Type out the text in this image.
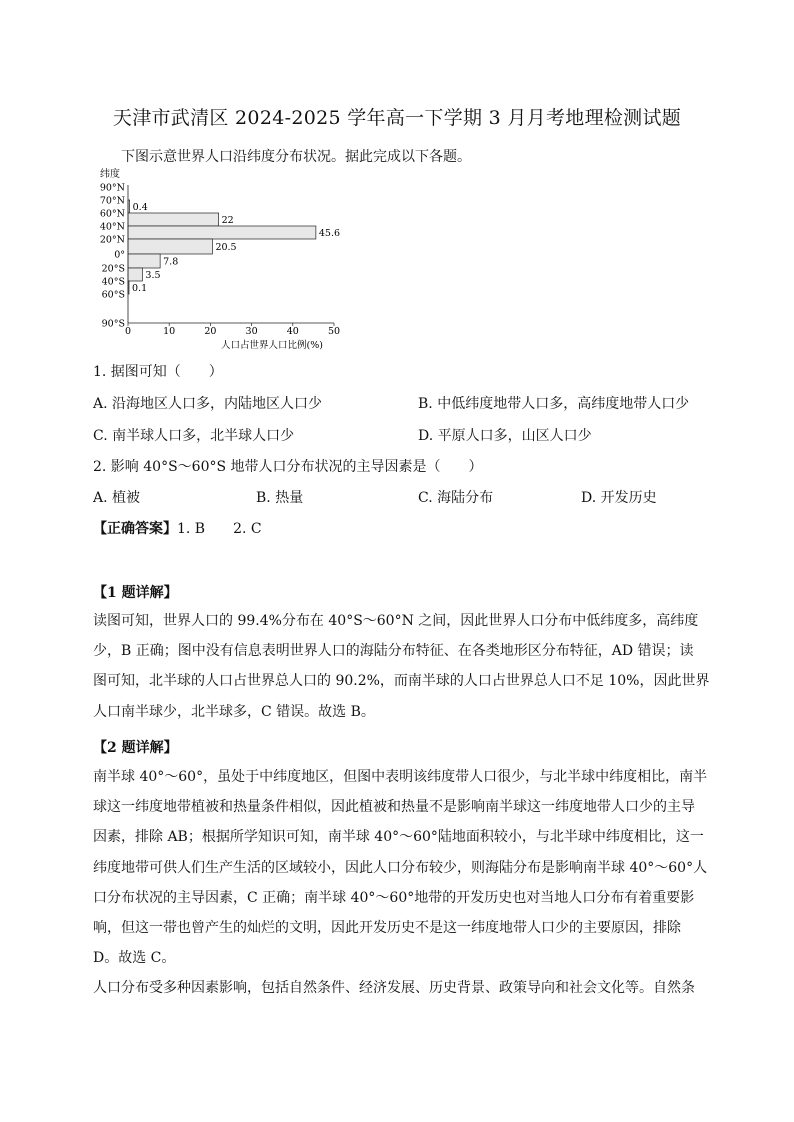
天津市武清区 2024-2025 学年高一下学期 3 月月考地理检测试题
下图示意世界人口沿纬度分布状况。据此完成以下各题。
纬度
90°N
70°N
60°N
40°N
20°N
0°
20°S
40°S
60°S
90°S
0.4
22
45.6
20.5
7.8
3.5
0.1
0	10	20	30	40	50
人口占世界人口比例(%)
1. 据图可知（　　）
A. 沿海地区人口多，内陆地区人口少	B. 中低纬度地带人口多，高纬度地带人口少
C. 南半球人口多，北半球人口少	D. 平原人口多，山区人口少
2. 影响 40°S～60°S 地带人口分布状况的主导因素是（　　）
A. 植被	B. 热量	C. 海陆分布	D. 开发历史
【正确答案】1. B　　2. C
【1 题详解】
读图可知，世界人口的 99.4%分布在 40°S～60°N 之间，因此世界人口分布中低纬度多，高纬度
少，B 正确；图中没有信息表明世界人口的海陆分布特征、在各类地形区分布特征，AD 错误；读
图可知，北半球的人口占世界总人口的 90.2%，而南半球的人口占世界总人口不足 10%，因此世界
人口南半球少，北半球多，C 错误。故选 B。
【2 题详解】
南半球 40°～60°，虽处于中纬度地区，但图中表明该纬度带人口很少，与北半球中纬度相比，南半
球这一纬度地带植被和热量条件相似，因此植被和热量不是影响南半球这一纬度地带人口少的主导
因素，排除 AB；根据所学知识可知，南半球 40°～60°陆地面积较小，与北半球中纬度相比，这一
纬度地带可供人们生产生活的区域较小，因此人口分布较少，则海陆分布是影响南半球 40°～60°人
口分布状况的主导因素，C 正确；南半球 40°～60°地带的开发历史也对当地人口分布有着重要影
响，但这一带也曾产生的灿烂的文明，因此开发历史不是这一纬度地带人口少的主要原因，排除
D。故选 C。
人口分布受多种因素影响，包括自然条件、经济发展、历史背景、政策导向和社会文化等。自然条
